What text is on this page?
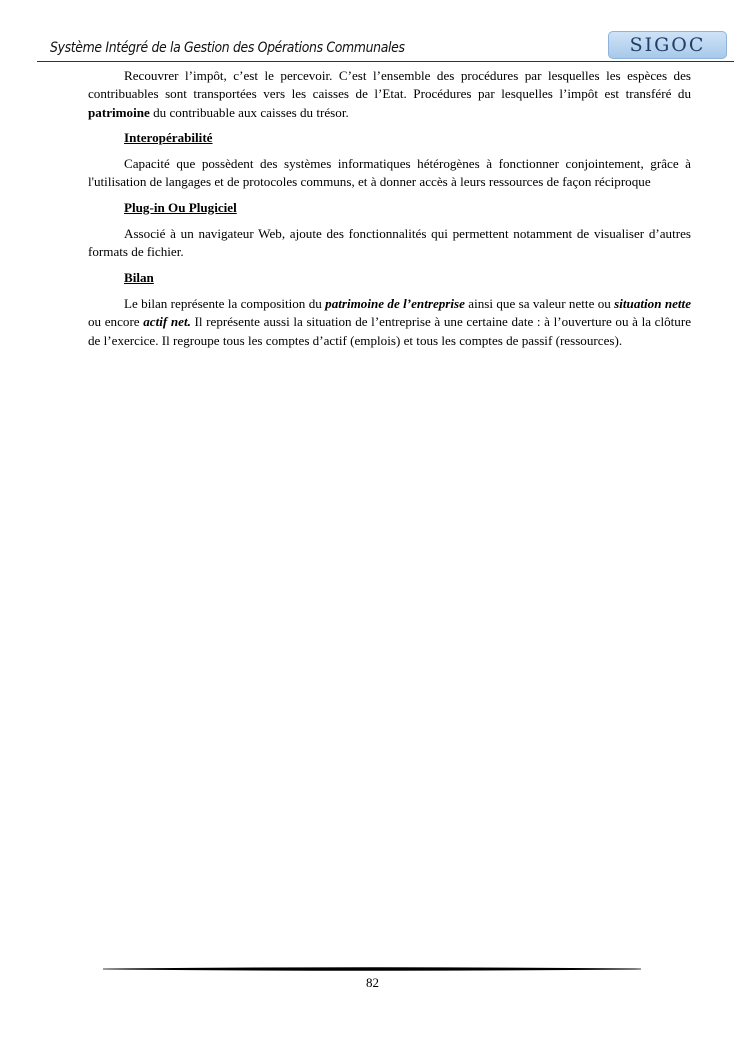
Système Intégré de la Gestion des Opérations Communales	SIGOC

Recouvrer l’impôt, c’est le percevoir. C’est l’ensemble des procédures par lesquelles les espèces des contribuables sont transportées vers les caisses de l’Etat. Procédures par lesquelles l’impôt est transféré du patrimoine du contribuable aux caisses du trésor.

Interopérabilité

Capacité que possèdent des systèmes informatiques hétérogènes à fonctionner conjointement, grâce à l'utilisation de langages et de protocoles communs, et à donner accès à leurs ressources de façon réciproque

Plug-in Ou Plugiciel

Associé à un navigateur Web, ajoute des fonctionnalités qui permettent notamment de visualiser d’autres formats de fichier.

Bilan

Le bilan représente la composition du patrimoine de l’entreprise ainsi que sa valeur nette ou situation nette ou encore actif net. Il représente aussi la situation de l’entreprise à une certaine date : à l’ouverture ou à la clôture de l’exercice. Il regroupe tous les comptes d’actif (emplois) et tous les comptes de passif (ressources).

82
